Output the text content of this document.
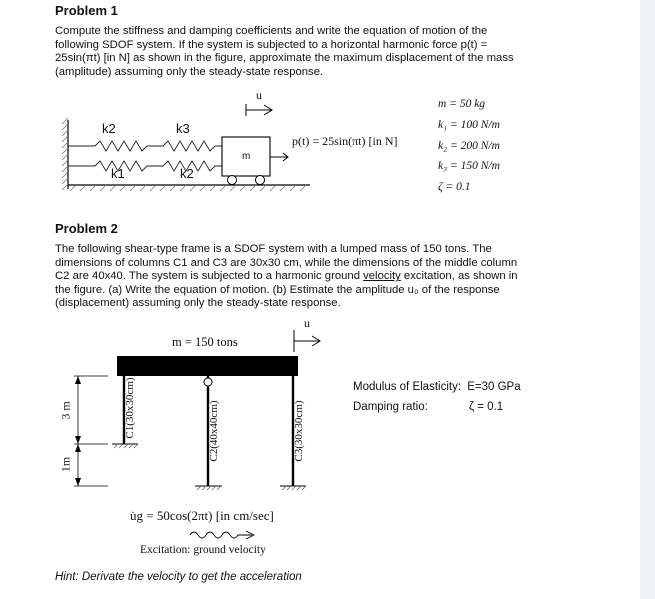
Problem 1
Compute the stiffness and damping coefficients and write the equation of motion of the
following SDOF system. If the system is subjected to a horizontal harmonic force p(t) =
25sin(πt) [in N] as shown in the figure, approximate the maximum displacement of the mass
(amplitude) assuming only the steady-state response.
u
k2	k3
k1	k2
m
p(t) = 25sin(πt) [in N]
m = 50 kg
k₁ = 100 N/m
k₂ = 200 N/m
k₃ = 150 N/m
ζ = 0.1
Problem 2
The following shear-type frame is a SDOF system with a lumped mass of 150 tons. The
dimensions of columns C1 and C3 are 30x30 cm, while the dimensions of the middle column
C2 are 40x40. The system is subjected to a harmonic ground velocity excitation, as shown in
the figure. (a) Write the equation of motion. (b) Estimate the amplitude u₀ of the response
(displacement) assuming only the steady-state response.
u
m = 150 tons
3 m
1m
C1(30x30cm)	C2(40x40cm)	C3(30x30cm)
u̇g = 50cos(2πt) [in cm/sec]
Excitation: ground velocity
Modulus of Elasticity: E=30 GPa
Damping ratio:	ζ = 0.1
Hint: Derivate the velocity to get the acceleration
